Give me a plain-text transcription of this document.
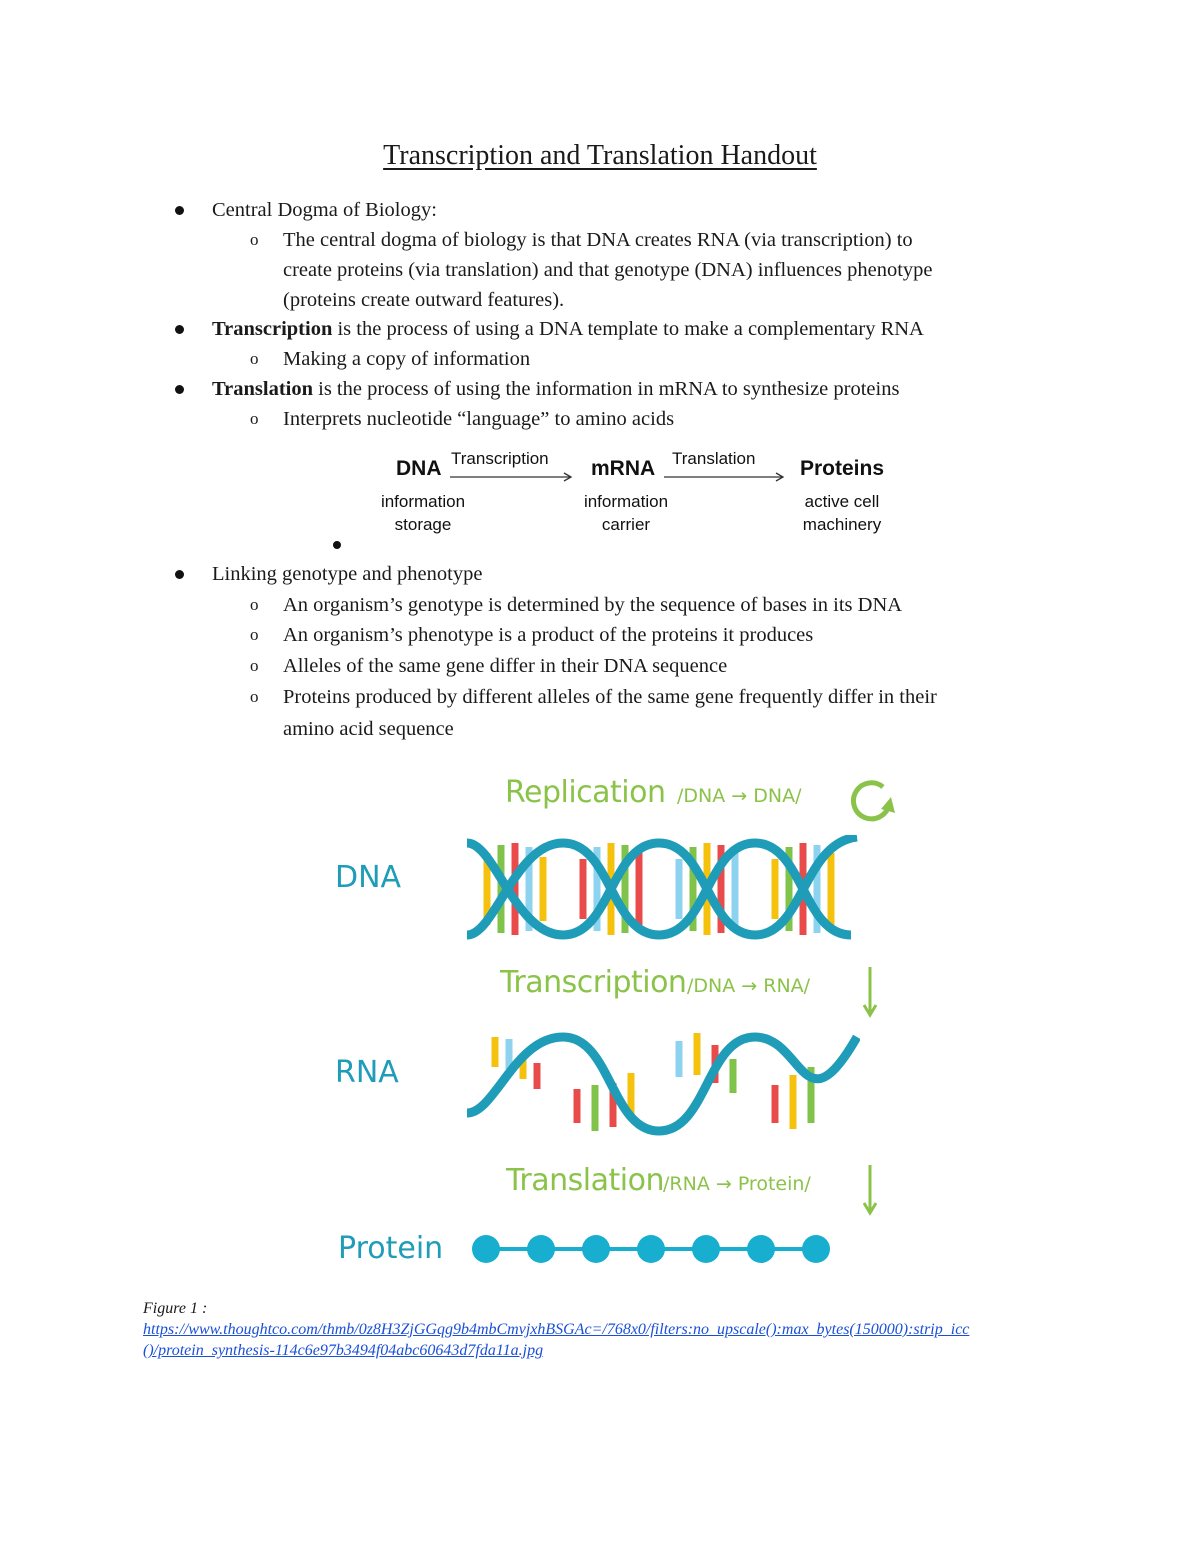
Transcription and Translation Handout
Central Dogma of Biology:
o The central dogma of biology is that DNA creates RNA (via transcription) to
create proteins (via translation) and that genotype (DNA) influences phenotype
(proteins create outward features).
Transcription is the process of using a DNA template to make a complementary RNA
o Making a copy of information
Translation is the process of using the information in mRNA to synthesize proteins
o Interprets nucleotide “language” to amino acids
DNA Transcription mRNA Translation Proteins
information
storage
information
carrier
active cell
machinery
Linking genotype and phenotype
o An organism’s genotype is determined by the sequence of bases in its DNA
o An organism’s phenotype is a product of the proteins it produces
o Alleles of the same gene differ in their DNA sequence
o Proteins produced by different alleles of the same gene frequently differ in their
amino acid sequence
Replication /DNA → DNA/
DNA
Transcription /DNA → RNA/
RNA
Translation /RNA → Protein/
Protein
Figure 1 :
https://www.thoughtco.com/thmb/0z8H3ZjGGqg9b4mbCmvjxhBSGAc=/768x0/filters:no_upscale():max_bytes(150000):strip_icc
()/protein_synthesis-114c6e97b3494f04abc60643d7fda11a.jpg
